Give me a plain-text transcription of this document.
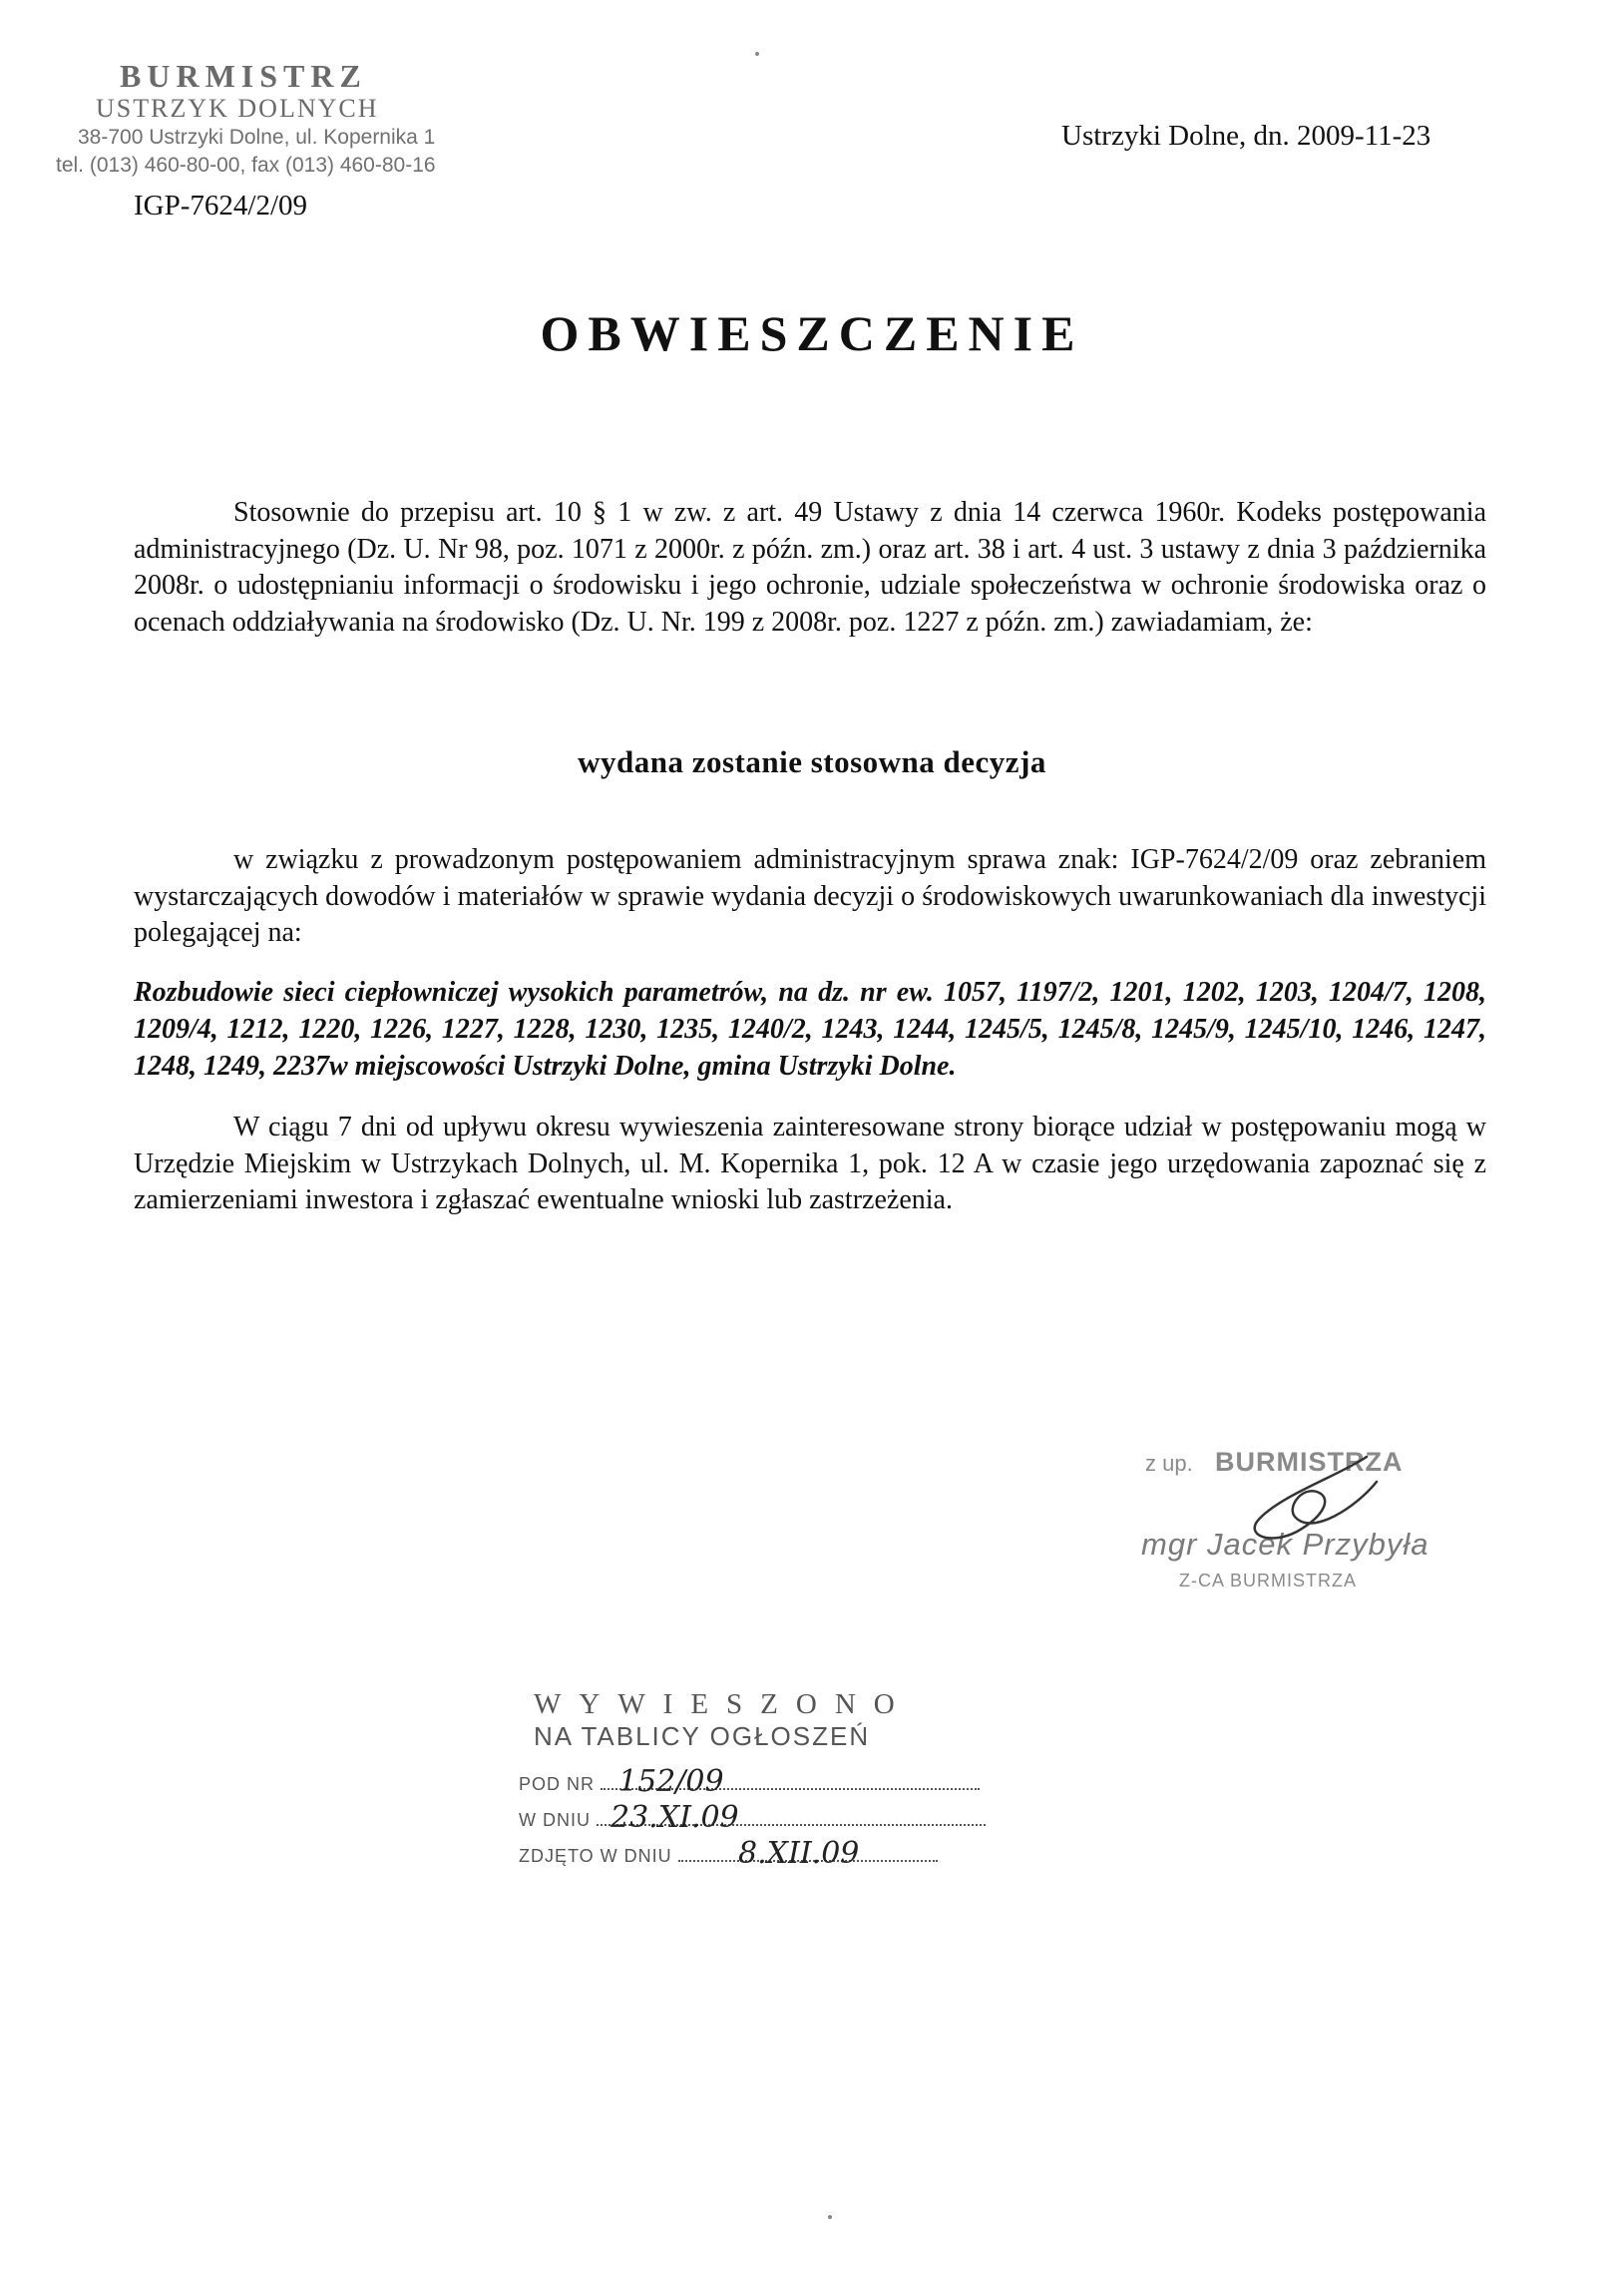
BURMISTRZ
USTRZYK DOLNYCH
38-700 Ustrzyki Dolne, ul. Kopernika 1
tel. (013) 460-80-00, fax (013) 460-80-16
Ustrzyki Dolne, dn. 2009-11-23
IGP-7624/2/09
OBWIESZCZENIE
Stosownie do przepisu art. 10 § 1 w zw. z art. 49 Ustawy z dnia 14 czerwca 1960r. Kodeks postępowania administracyjnego (Dz. U. Nr 98, poz. 1071 z 2000r. z późn. zm.) oraz art. 38 i art. 4 ust. 3 ustawy z dnia 3 października 2008r. o udostępnianiu informacji o środowisku i jego ochronie, udziale społeczeństwa w ochronie środowiska oraz o ocenach oddziaływania na środowisko (Dz. U. Nr. 199 z 2008r. poz. 1227 z późn. zm.) zawiadamiam, że:
wydana zostanie stosowna decyzja
w związku z prowadzonym postępowaniem administracyjnym sprawa znak: IGP-7624/2/09 oraz zebraniem wystarczających dowodów i materiałów w sprawie wydania decyzji o środowiskowych uwarunkowaniach dla inwestycji polegającej na:
Rozbudowie sieci ciepłowniczej wysokich parametrów, na dz. nr ew. 1057, 1197/2, 1201, 1202, 1203, 1204/7, 1208, 1209/4, 1212, 1220, 1226, 1227, 1228, 1230, 1235, 1240/2, 1243, 1244, 1245/5, 1245/8, 1245/9, 1245/10, 1246, 1247, 1248, 1249, 2237w miejscowości Ustrzyki Dolne, gmina Ustrzyki Dolne.
W ciągu 7 dni od upływu okresu wywieszenia zainteresowane strony biorące udział w postępowaniu mogą w Urzędzie Miejskim w Ustrzykach Dolnych, ul. M. Kopernika 1, pok. 12 A w czasie jego urzędowania zapoznać się z zamierzeniami inwestora i zgłaszać ewentualne wnioski lub zastrzeżenia.
z up. BURMISTRZA
mgr Jacek Przybyła
Z-CA BURMISTRZA
WYWIESZONO
NA TABLICY OGŁOSZEŃ
POD NR
W DNIU
ZDJĘTO W DNIU
152/09
23.XI.09
8.XII.09
